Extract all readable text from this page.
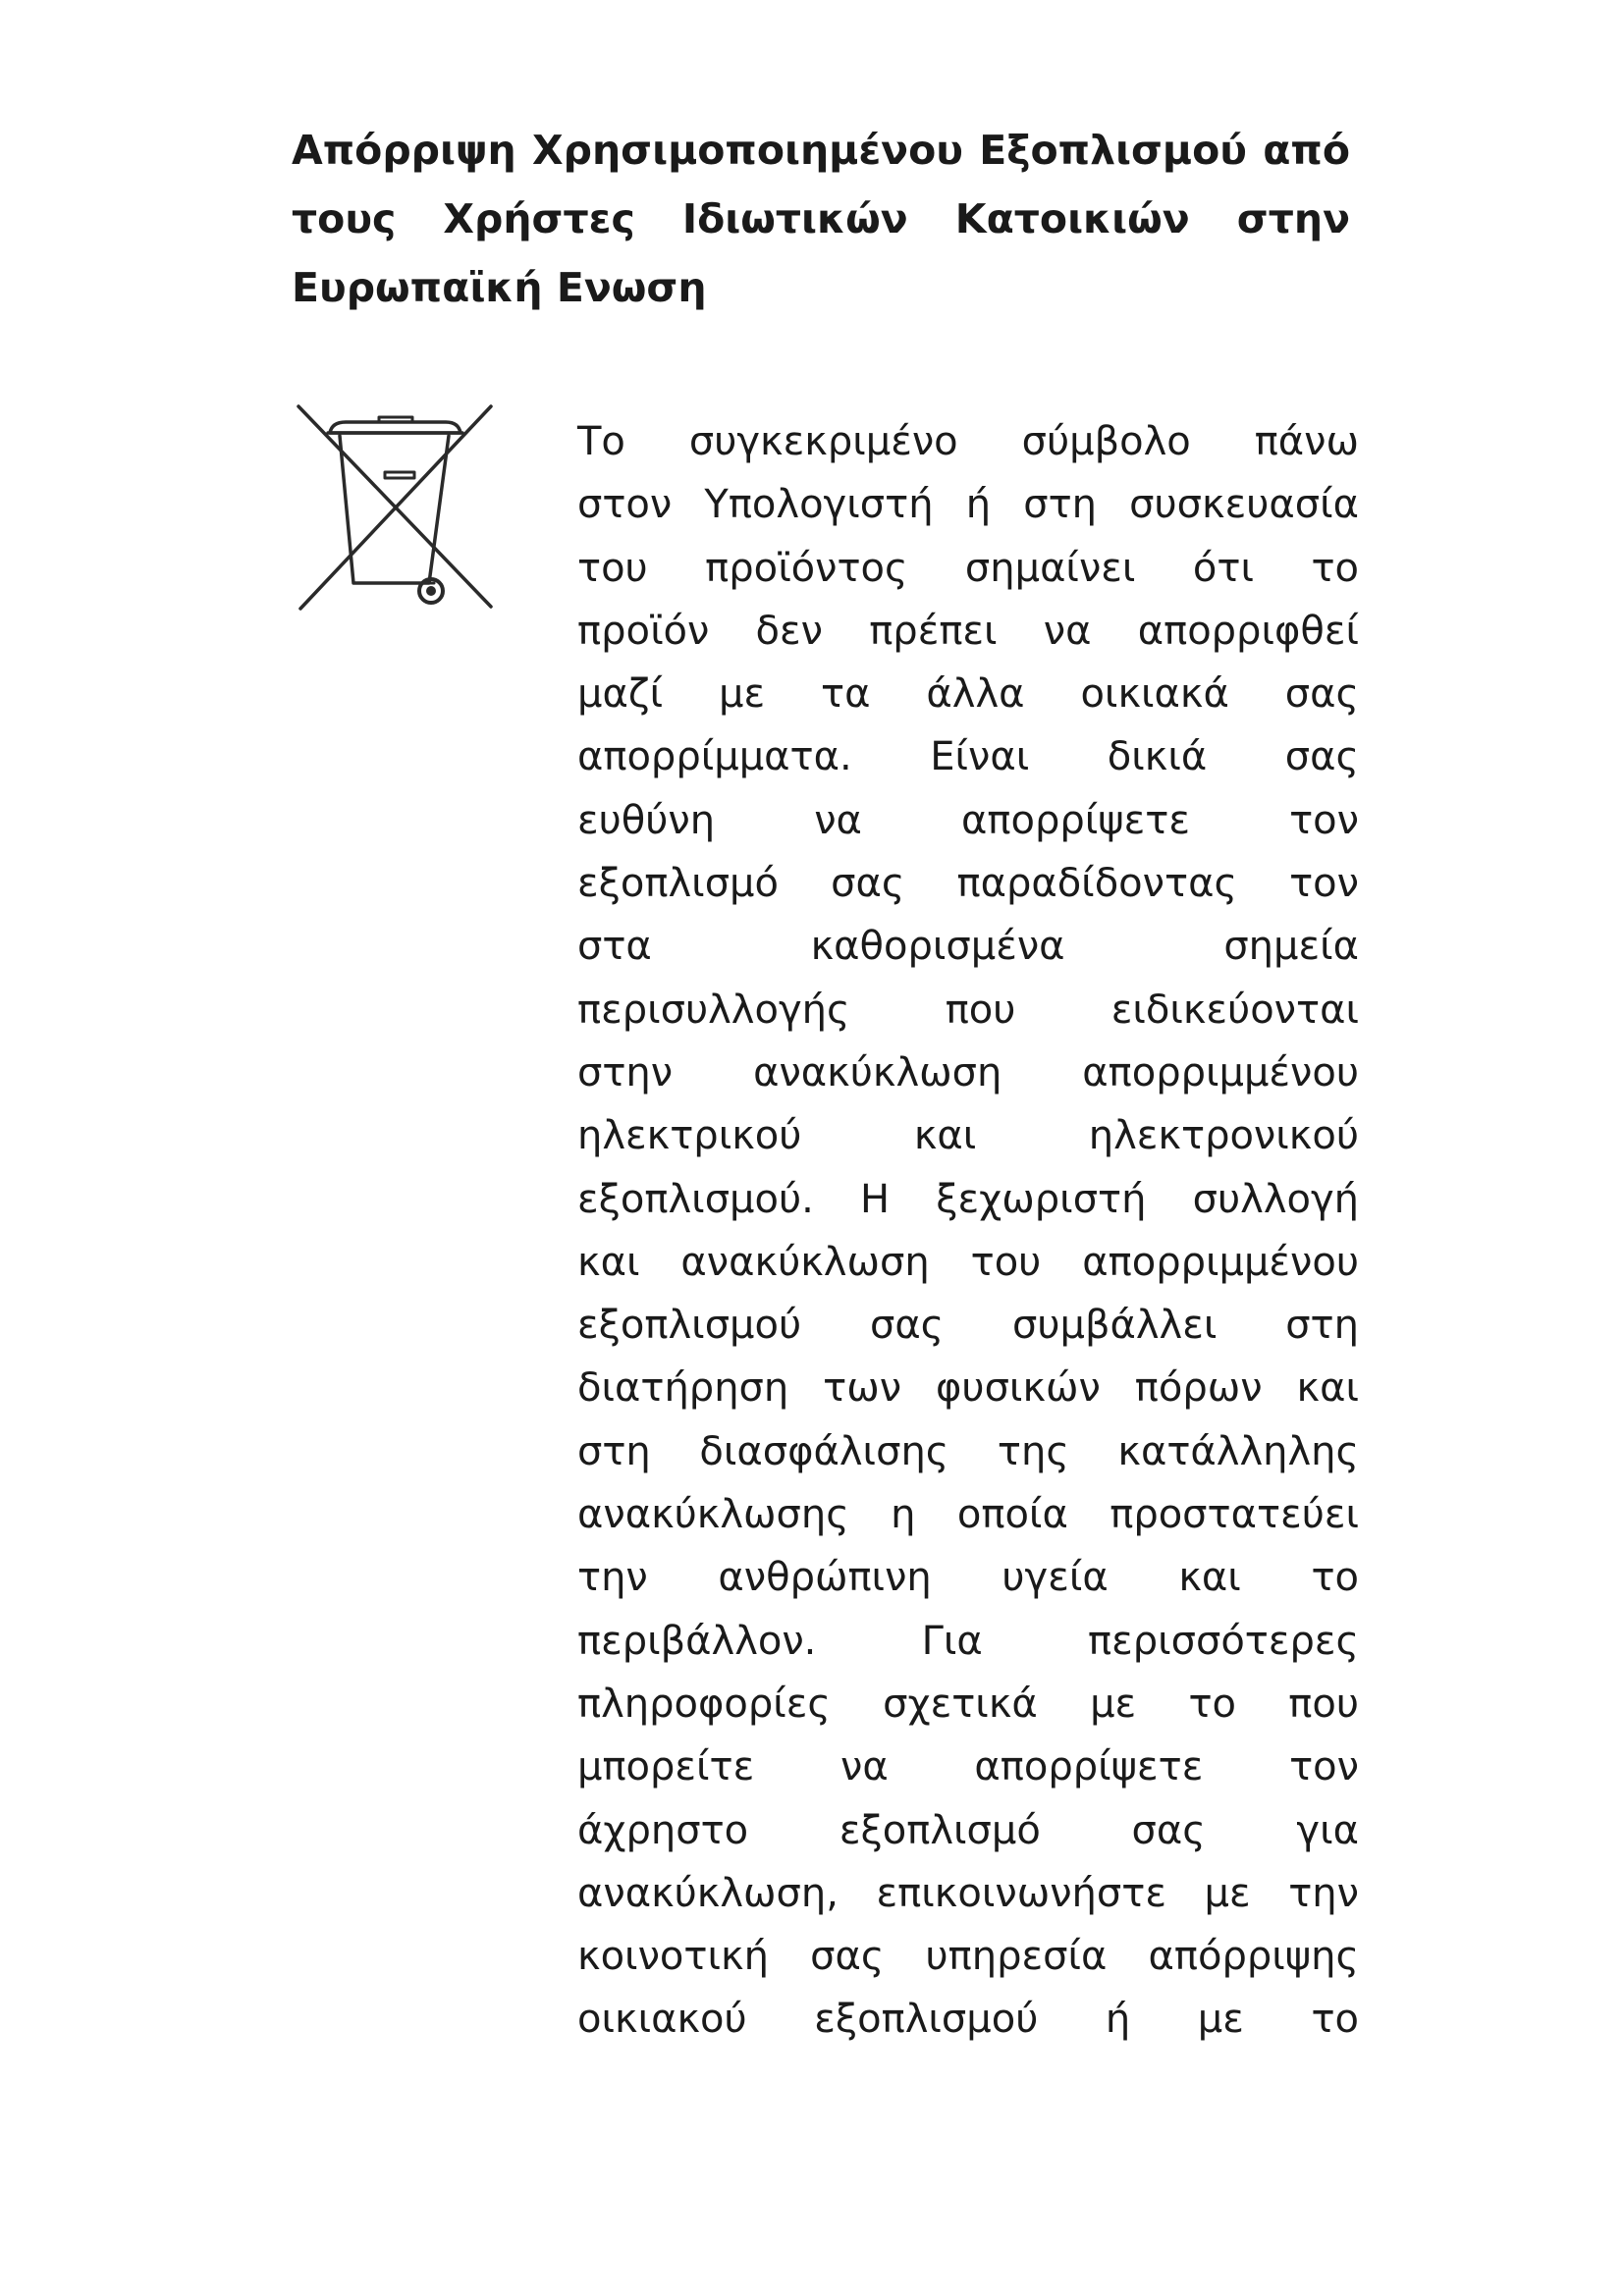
Απόρριψη Χρησιμοποιημένου Εξοπλισμού από
τους Χρήστες Ιδιωτικών Κατοικιών στην
Ευρωπαϊκή Ενωση
Το συγκεκριμένο σύμβολο πάνω
στον Υπολογιστή ή στη συσκευασία
του προϊόντος σημαίνει ότι το
προϊόν δεν πρέπει να απορριφθεί
μαζί με τα άλλα οικιακά σας
απορρίμματα. Είναι δικιά σας
ευθύνη να απορρίψετε τον
εξοπλισμό σας παραδίδοντας τον
στα καθορισμένα σημεία
περισυλλογής που ειδικεύονται
στην ανακύκλωση απορριμμένου
ηλεκτρικού και ηλεκτρονικού
εξοπλισμού. Η ξεχωριστή συλλογή
και ανακύκλωση του απορριμμένου
εξοπλισμού σας συμβάλλει στη
διατήρηση των φυσικών πόρων και
στη διασφάλισης της κατάλληλης
ανακύκλωσης η οποία προστατεύει
την ανθρώπινη υγεία και το
περιβάλλον. Για περισσότερες
πληροφορίες σχετικά με το που
μπορείτε να απορρίψετε τον
άχρηστο εξοπλισμό σας για
ανακύκλωση, επικοινωνήστε με την
κοινοτική σας υπηρεσία απόρριψης
οικιακού εξοπλισμού ή με το
